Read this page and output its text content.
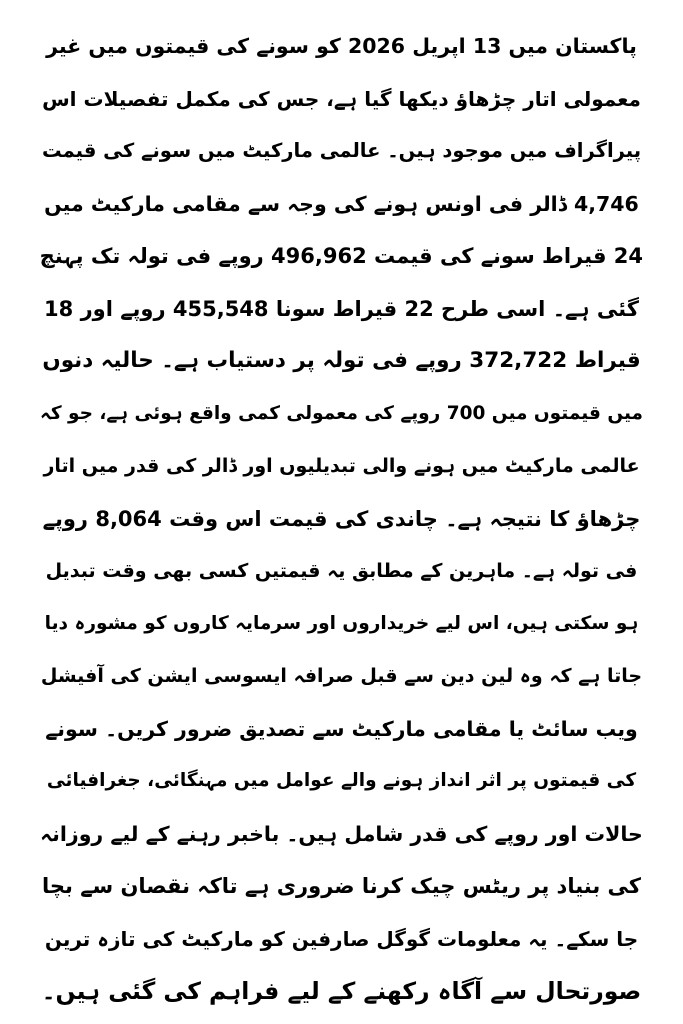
پاکستان میں 13 اپریل 2026 کو سونے کی قیمتوں میں غیر
معمولی اتار چڑھاؤ دیکھا گیا ہے، جس کی مکمل تفصیلات اس
پیراگراف میں موجود ہیں۔ عالمی مارکیٹ میں سونے کی قیمت
4,746 ڈالر فی اونس ہونے کی وجہ سے مقامی مارکیٹ میں
24 قیراط سونے کی قیمت 496,962 روپے فی تولہ تک پہنچ
گئی ہے۔ اسی طرح 22 قیراط سونا 455,548 روپے اور 18
قیراط 372,722 روپے فی تولہ پر دستیاب ہے۔ حالیہ دنوں
میں قیمتوں میں 700 روپے کی معمولی کمی واقع ہوئی ہے، جو کہ
عالمی مارکیٹ میں ہونے والی تبدیلیوں اور ڈالر کی قدر میں اتار
چڑھاؤ کا نتیجہ ہے۔ چاندی کی قیمت اس وقت 8,064 روپے
فی تولہ ہے۔ ماہرین کے مطابق یہ قیمتیں کسی بھی وقت تبدیل
ہو سکتی ہیں، اس لیے خریداروں اور سرمایہ کاروں کو مشورہ دیا
جاتا ہے کہ وہ لین دین سے قبل صرافہ ایسوسی ایشن کی آفیشل
ویب سائٹ یا مقامی مارکیٹ سے تصدیق ضرور کریں۔ سونے
کی قیمتوں پر اثر انداز ہونے والے عوامل میں مہنگائی، جغرافیائی
حالات اور روپے کی قدر شامل ہیں۔ باخبر رہنے کے لیے روزانہ
کی بنیاد پر ریٹس چیک کرنا ضروری ہے تاکہ نقصان سے بچا
جا سکے۔ یہ معلومات گوگل صارفین کو مارکیٹ کی تازہ ترین
صورتحال سے آگاہ رکھنے کے لیے فراہم کی گئی ہیں۔
